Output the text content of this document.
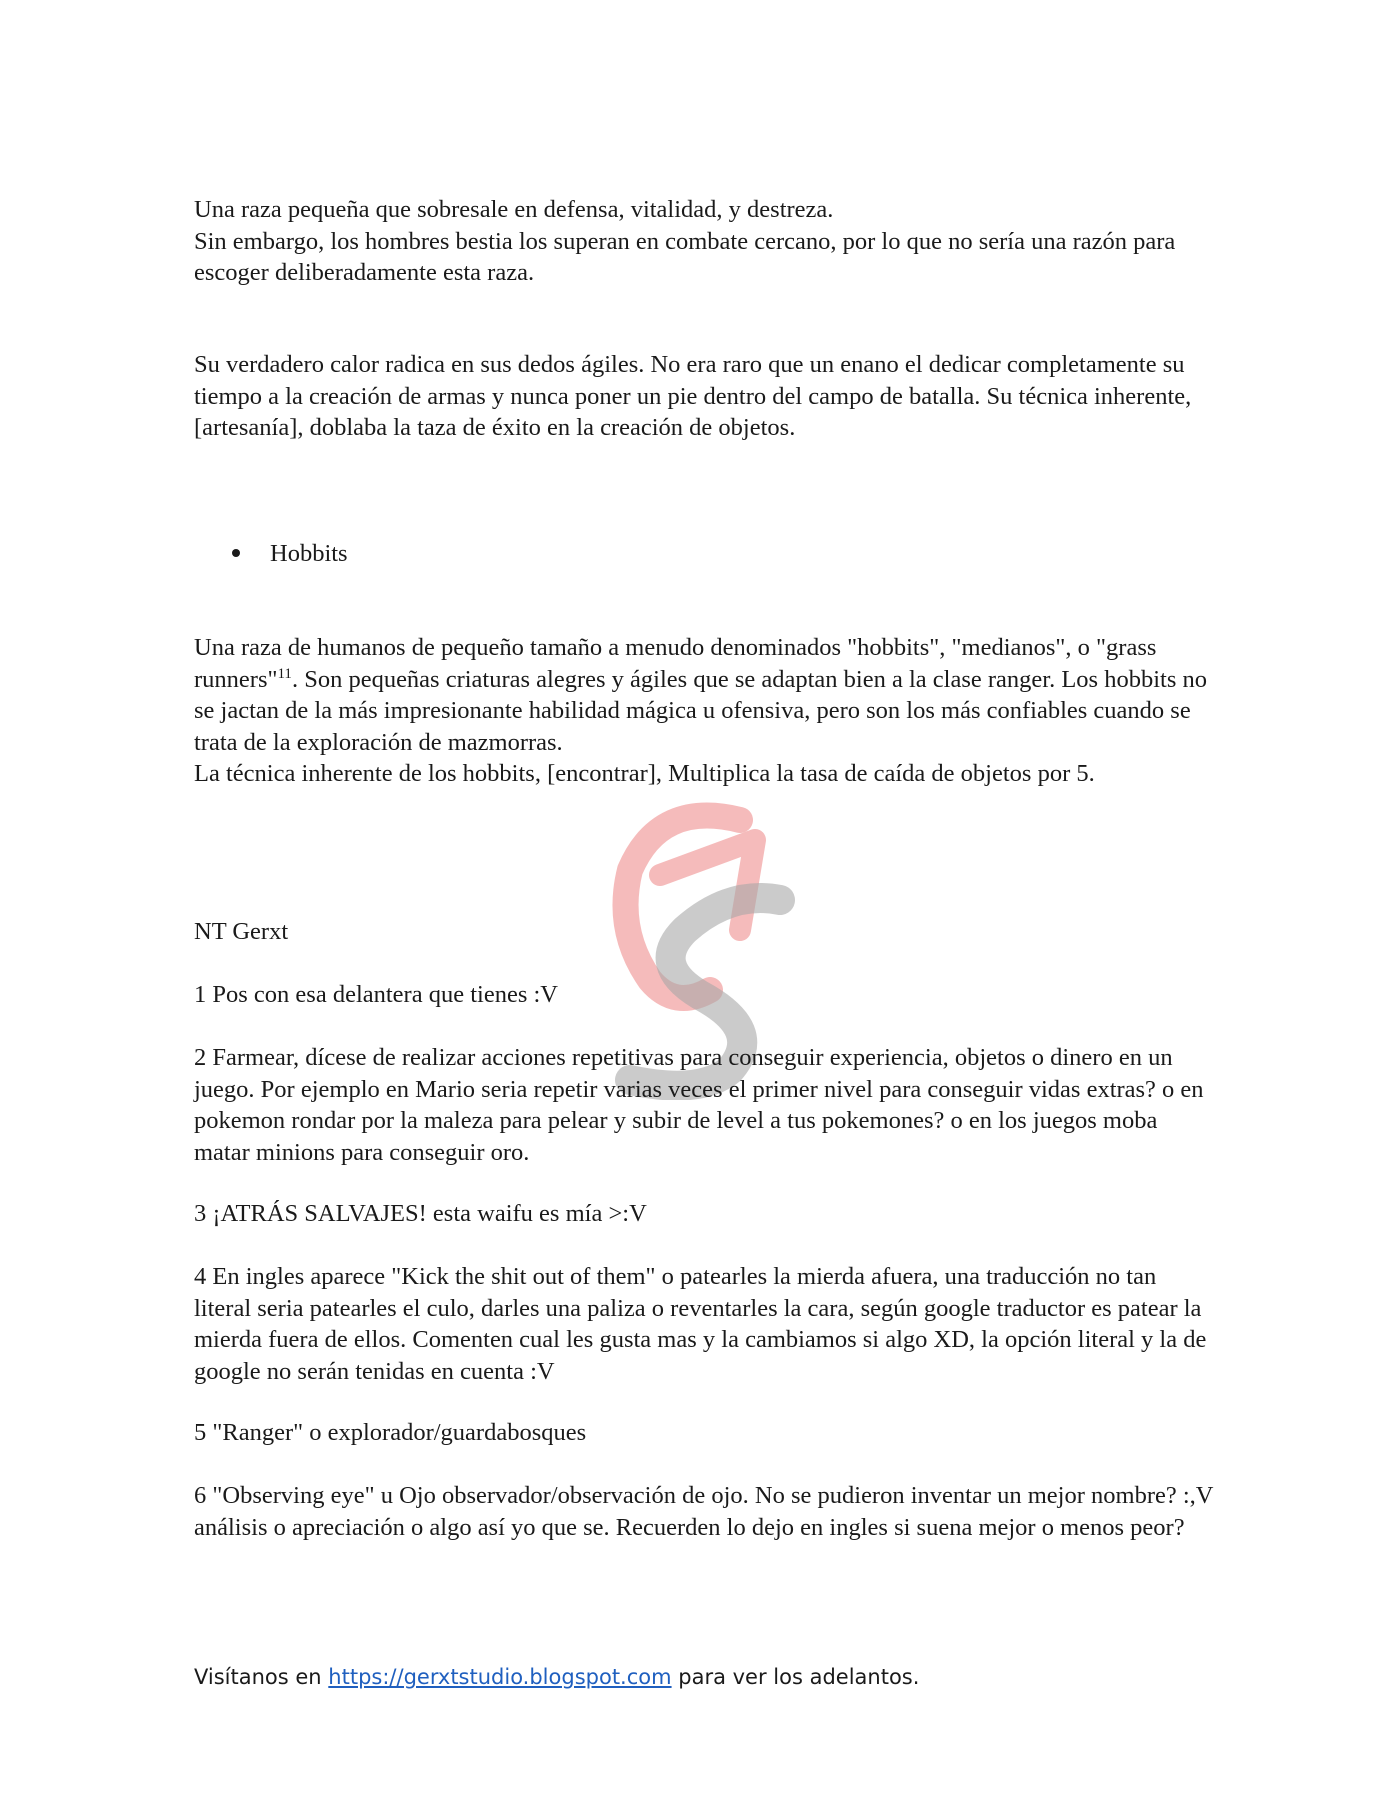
Una raza pequeña que sobresale en defensa, vitalidad, y destreza.
Sin embargo, los hombres bestia los superan en combate cercano, por lo que no sería una razón para escoger deliberadamente esta raza.

Su verdadero calor radica en sus dedos ágiles. No era raro que un enano el dedicar completamente su tiempo a la creación de armas y nunca poner un pie dentro del campo de batalla. Su técnica inherente, [artesanía], doblaba la taza de éxito en la creación de objetos.

Hobbits
Una raza de humanos de pequeño tamaño a menudo denominados "hobbits", "medianos", o "grass runners"$^{11}$. Son pequeñas criaturas alegres y ágiles que se adaptan bien a la clase ranger. Los hobbits no se jactan de la más impresionante habilidad mágica u ofensiva, pero son los más confiables cuando se trata de la exploración de mazmorras.
La técnica inherente de los hobbits, [encontrar], Multiplica la tasa de caída de objetos por 5.
NT Gerxt

1 Pos con esa delantera que tienes :V

2 Farmear, dícese de realizar acciones repetitivas para conseguir experiencia, objetos o dinero en un juego. Por ejemplo en Mario seria repetir varias veces el primer nivel para conseguir vidas extras? o en pokemon rondar por la maleza para pelear y subir de level a tus pokemones? o en los juegos moba matar minions para conseguir oro.

3 ¡ATRÁS SALVAJES! esta waifu es mía >:V

4 En ingles aparece "Kick the shit out of them" o patearles la mierda afuera, una traducción no tan literal seria patearles el culo, darles una paliza o reventarles la cara, según google traductor es patear la mierda fuera de ellos. Comenten cual les gusta mas y la cambiamos si algo XD, la opción literal y la de google no serán tenidas en cuenta :V

5 "Ranger" o explorador/guardabosques

6 "Observing eye" u Ojo observador/observación de ojo. No se pudieron inventar un mejor nombre? :,V análisis o apreciación o algo así yo que se. Recuerden lo dejo en ingles si suena mejor o menos peor?

Visítanos en https://gerxtstudio.blogspot.com para ver los adelantos.
